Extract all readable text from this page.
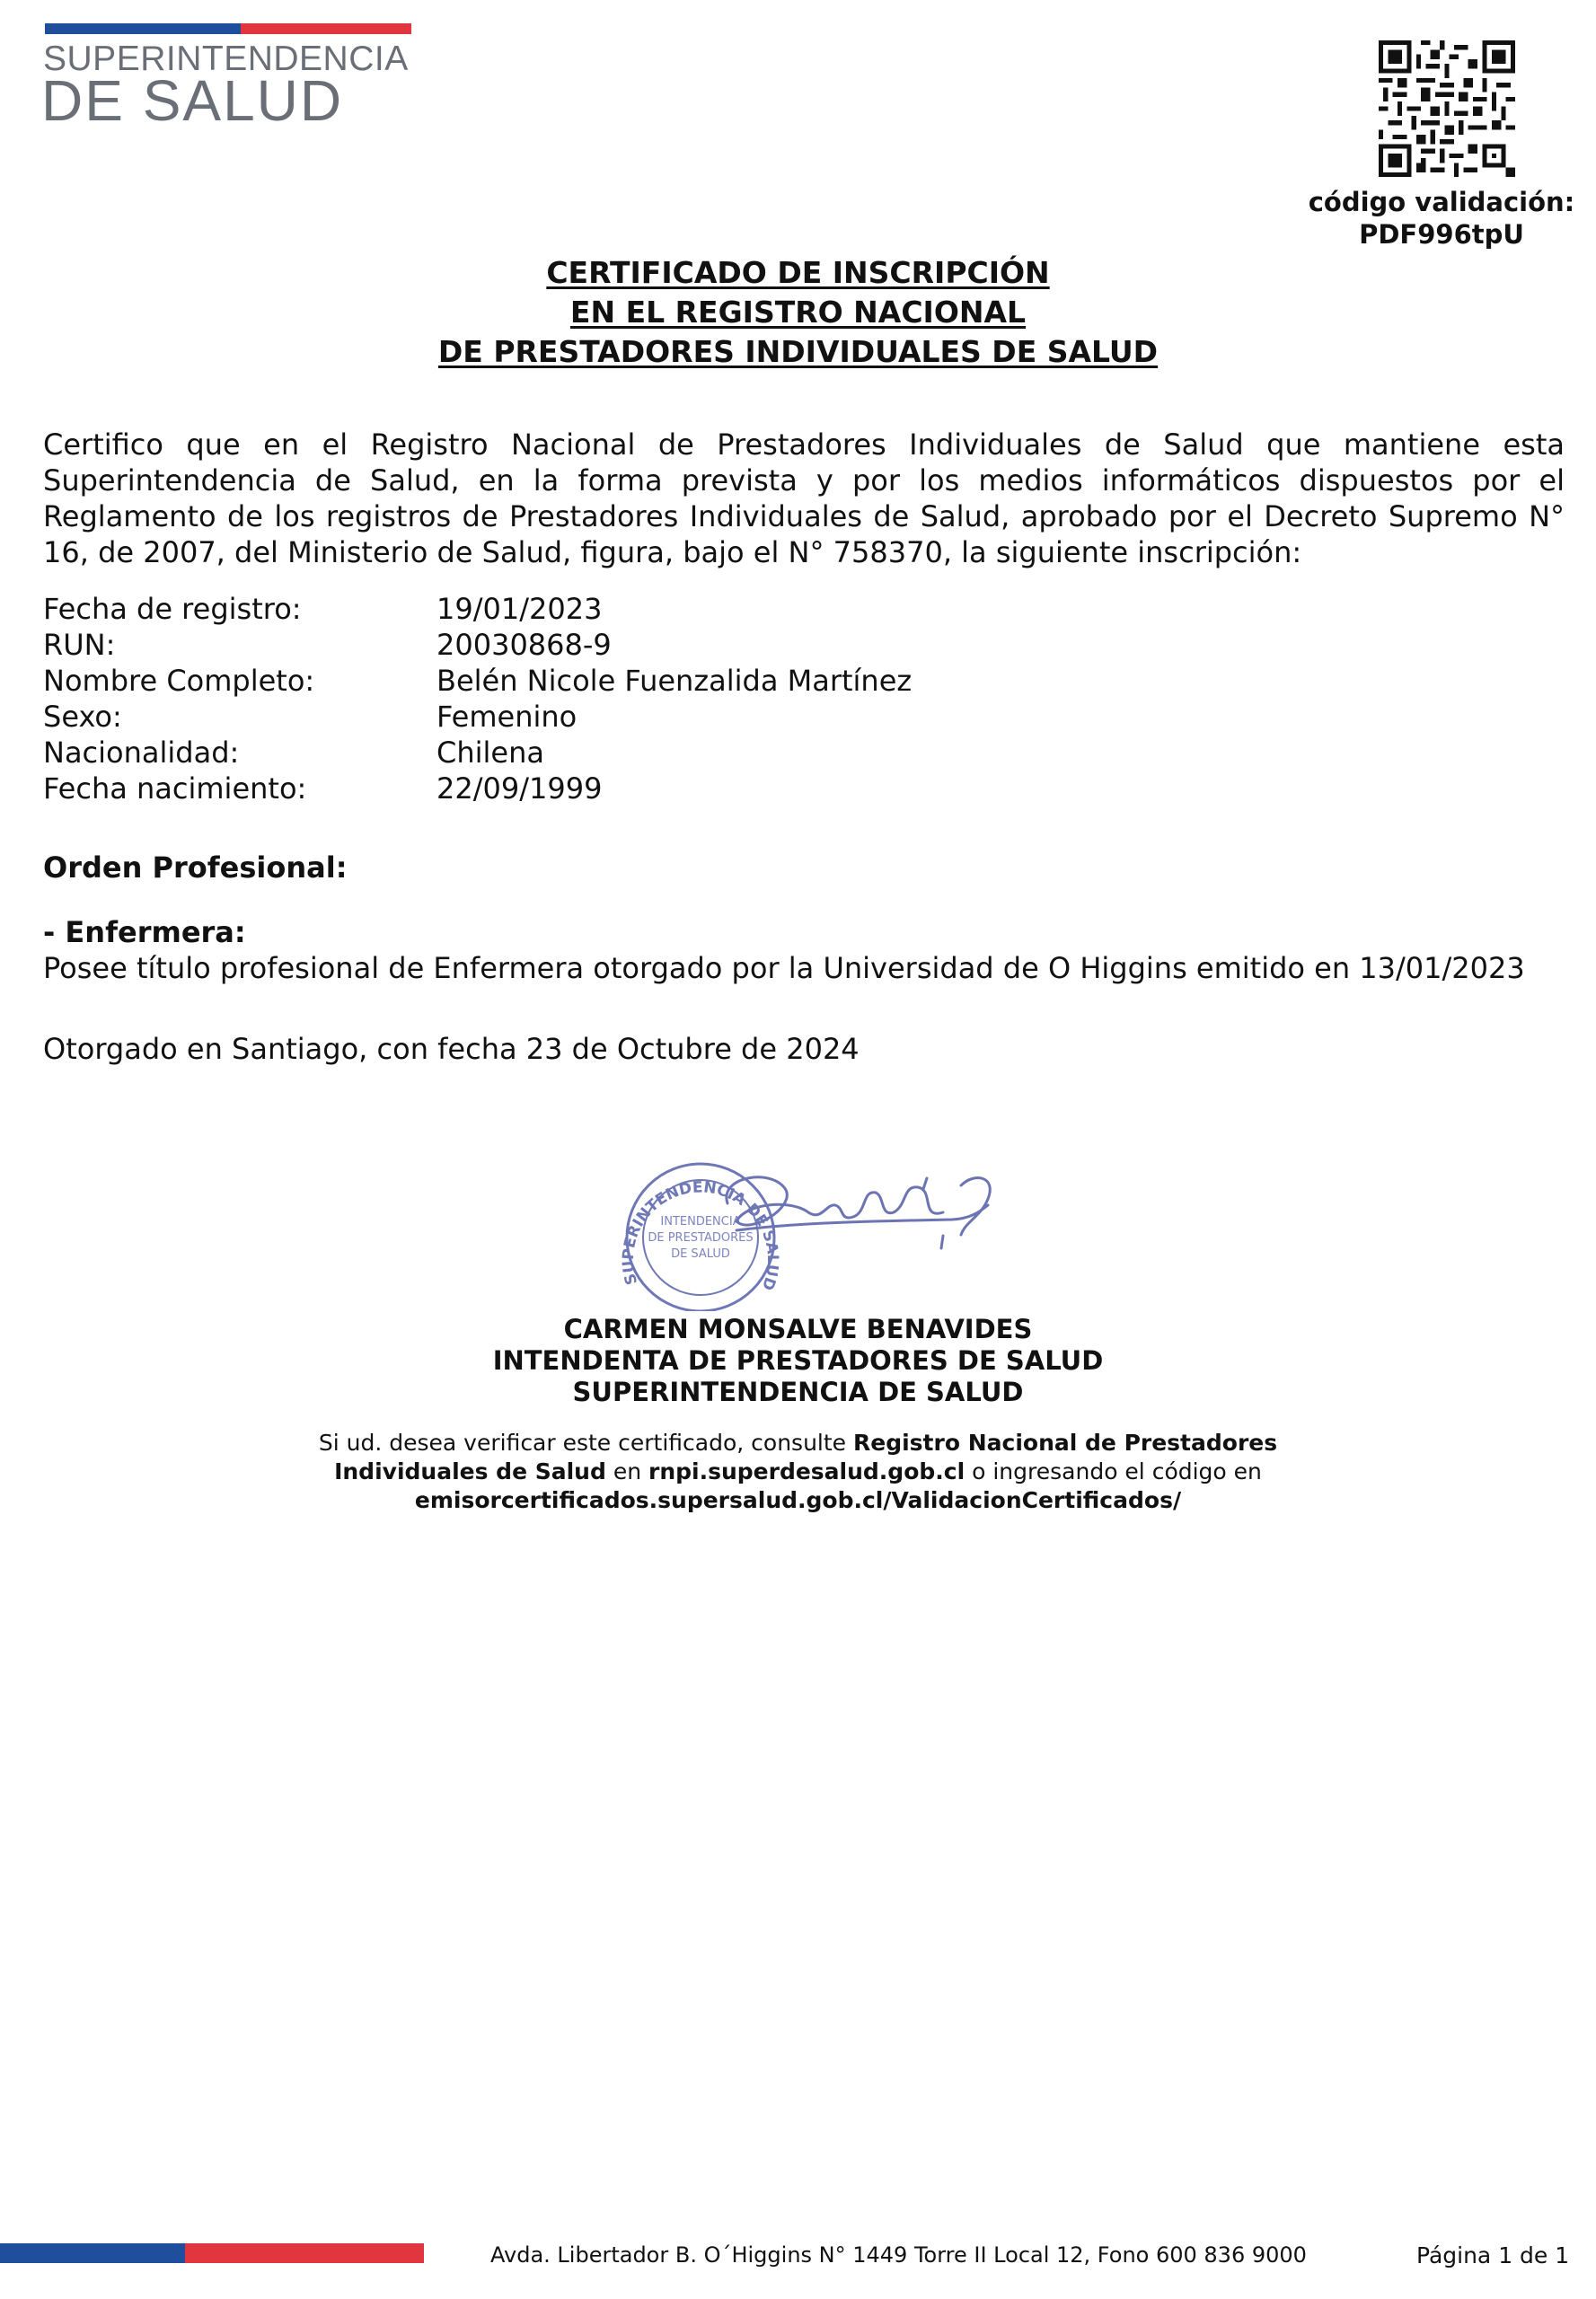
SUPERINTENDENCIA
DE SALUD
código validación:
PDF996tpU
CERTIFICADO DE INSCRIPCIÓN
EN EL REGISTRO NACIONAL
DE PRESTADORES INDIVIDUALES DE SALUD
Certifico que en el Registro Nacional de Prestadores Individuales de Salud que mantiene esta Superintendencia de Salud, en la forma prevista y por los medios informáticos dispuestos por el Reglamento de los registros de Prestadores Individuales de Salud, aprobado por el Decreto Supremo N° 16, de 2007, del Ministerio de Salud, figura, bajo el N° 758370, la siguiente inscripción:
Fecha de registro:	19/01/2023
RUN:	20030868-9
Nombre Completo:	Belén Nicole Fuenzalida Martínez
Sexo:	Femenino
Nacionalidad:	Chilena
Fecha nacimiento:	22/09/1999
Orden Profesional:
- Enfermera:
Posee título profesional de Enfermera otorgado por la Universidad de O Higgins emitido en 13/01/2023
Otorgado en Santiago, con fecha 23 de Octubre de 2024
SUPERINTENDENCIA DE SALUD
INTENDENCIA
DE PRESTADORES
DE SALUD
CARMEN MONSALVE BENAVIDES
INTENDENTA DE PRESTADORES DE SALUD
SUPERINTENDENCIA DE SALUD
Si ud. desea verificar este certificado, consulte Registro Nacional de Prestadores
Individuales de Salud en rnpi.superdesalud.gob.cl o ingresando el código en
emisorcertificados.supersalud.gob.cl/ValidacionCertificados/
Avda. Libertador B. O´Higgins N° 1449 Torre II Local 12, Fono 600 836 9000	Página 1 de 1
